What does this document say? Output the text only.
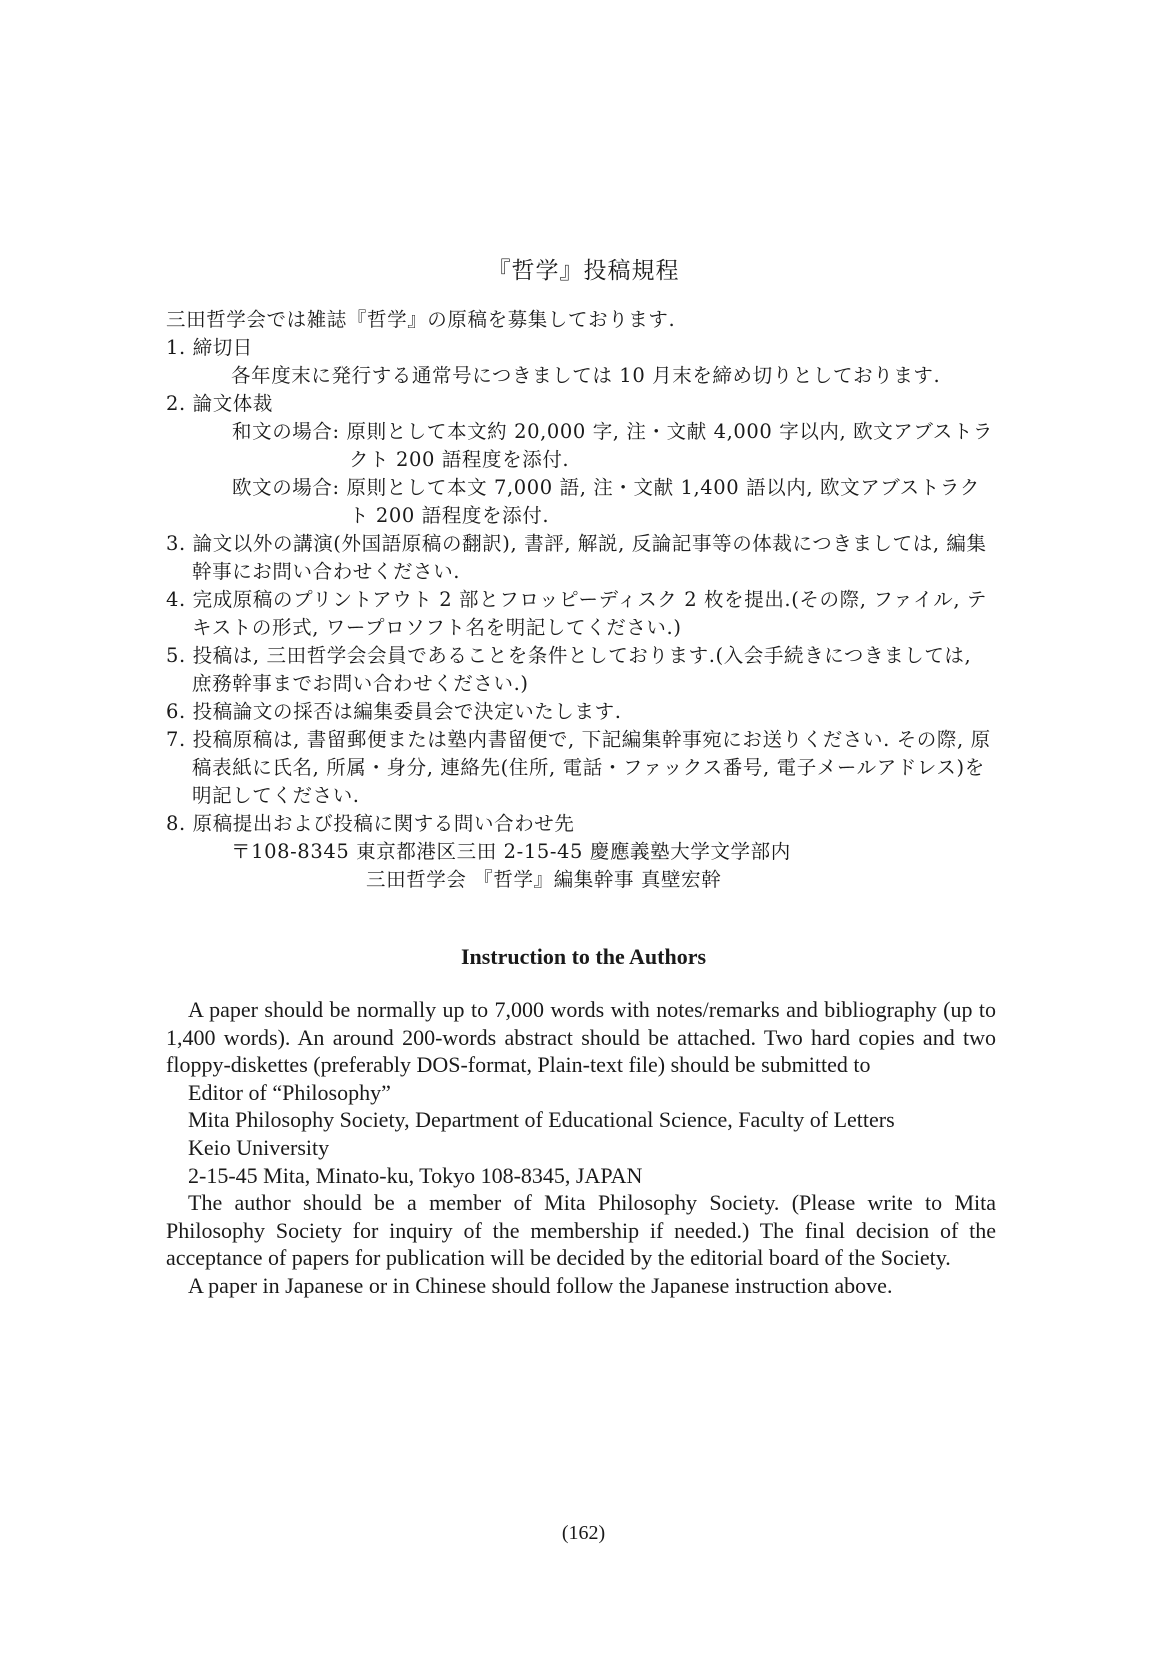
『哲学』投稿規程

三田哲学会では雑誌『哲学』の原稿を募集しております.

1. 締切日

各年度末に発行する通常号につきましては 10 月末を締め切りとしております.

2. 論文体裁

和文の場合: 原則として本文約 20,000 字, 注・文献 4,000 字以内, 欧文アブストラクト 200 語程度を添付.

欧文の場合: 原則として本文 7,000 語, 注・文献 1,400 語以内, 欧文アブストラクト 200 語程度を添付.

3. 論文以外の講演(外国語原稿の翻訳), 書評, 解説, 反論記事等の体裁につきましては, 編集幹事にお問い合わせください.

4. 完成原稿のプリントアウト 2 部とフロッピーディスク 2 枚を提出.(その際, ファイル, テキストの形式, ワープロソフト名を明記してください.)

5. 投稿は, 三田哲学会会員であることを条件としております.(入会手続きにつきましては, 庶務幹事までお問い合わせください.)

6. 投稿論文の採否は編集委員会で決定いたします.

7. 投稿原稿は, 書留郵便または塾内書留便で, 下記編集幹事宛にお送りください. その際, 原稿表紙に氏名, 所属・身分, 連絡先(住所, 電話・ファックス番号, 電子メールアドレス)を明記してください.

8. 原稿提出および投稿に関する問い合わせ先

〒108-8345 東京都港区三田 2-15-45 慶應義塾大学文学部内

三田哲学会 『哲学』編集幹事 真壁宏幹

Instruction to the Authors

A paper should be normally up to 7,000 words with notes/remarks and bibliography (up to 1,400 words). An around 200-words abstract should be attached. Two hard copies and two floppy-diskettes (preferably DOS-format, Plain-text file) should be submitted to

Editor of “Philosophy”

Mita Philosophy Society, Department of Educational Science, Faculty of Letters

Keio University

2-15-45 Mita, Minato-ku, Tokyo 108-8345, JAPAN

The author should be a member of Mita Philosophy Society. (Please write to Mita Philosophy Society for inquiry of the membership if needed.) The final decision of the acceptance of papers for publication will be decided by the editorial board of the Society.

A paper in Japanese or in Chinese should follow the Japanese instruction above.

(162)
